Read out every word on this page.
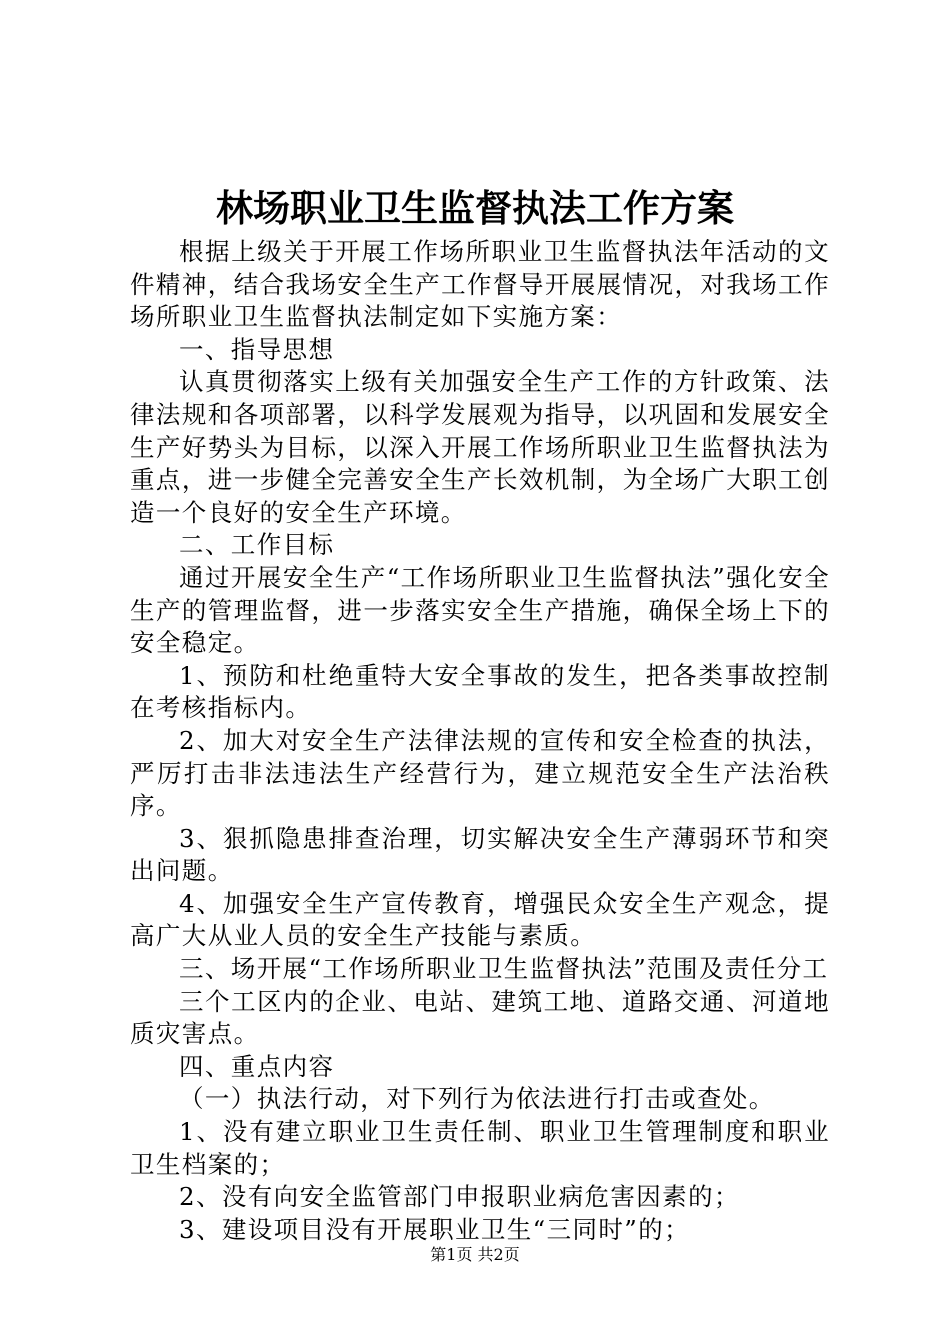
林场职业卫生监督执法工作方案

根据上级关于开展工作场所职业卫生监督执法年活动的文件精神，结合我场安全生产工作督导开展展情况，对我场工作场所职业卫生监督执法制定如下实施方案：

一、指导思想

认真贯彻落实上级有关加强安全生产工作的方针政策、法律法规和各项部署，以科学发展观为指导，以巩固和发展安全生产好势头为目标，以深入开展工作场所职业卫生监督执法为重点，进一步健全完善安全生产长效机制，为全场广大职工创造一个良好的安全生产环境。

二、工作目标

通过开展安全生产“工作场所职业卫生监督执法”强化安全生产的管理监督，进一步落实安全生产措施，确保全场上下的安全稳定。

1、预防和杜绝重特大安全事故的发生，把各类事故控制在考核指标内。

2、加大对安全生产法律法规的宣传和安全检查的执法，严厉打击非法违法生产经营行为，建立规范安全生产法治秩序。

3、狠抓隐患排查治理，切实解决安全生产薄弱环节和突出问题。

4、加强安全生产宣传教育，增强民众安全生产观念，提高广大从业人员的安全生产技能与素质。

三、场开展“工作场所职业卫生监督执法”范围及责任分工

三个工区内的企业、电站、建筑工地、道路交通、河道地质灾害点。

四、重点内容

（一）执法行动，对下列行为依法进行打击或查处。

1、没有建立职业卫生责任制、职业卫生管理制度和职业卫生档案的；

2、没有向安全监管部门申报职业病危害因素的；

3、建设项目没有开展职业卫生“三同时”的；

第1页 共2页
